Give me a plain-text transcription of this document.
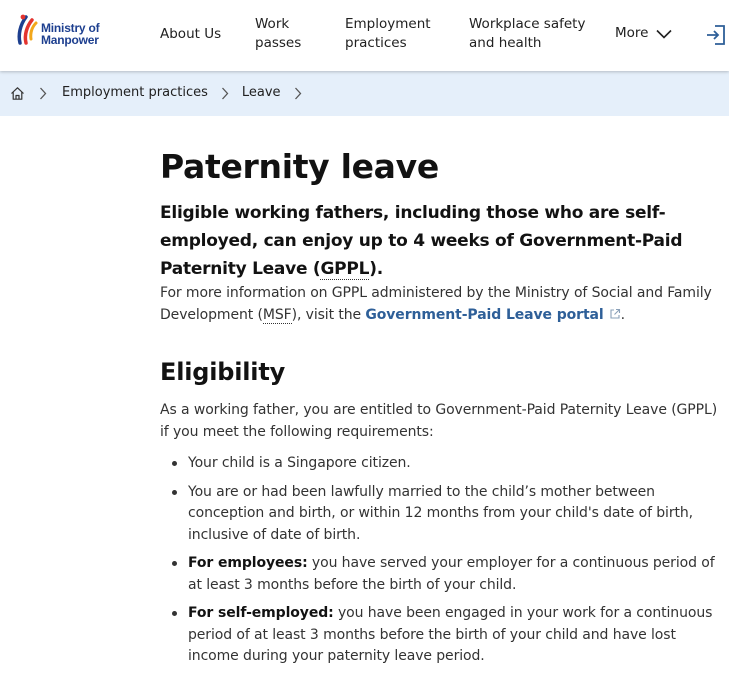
Ministry of
Manpower	About Us
Work passes
Employment practices
Workplace safety and health
More
Employment practices	Leave
Paternity leave

Eligible working fathers, including those who are self-employed, can enjoy up to 4 weeks of Government-Paid Paternity Leave (GPPL).

For more information on GPPL administered by the Ministry of Social and Family Development (MSF), visit the Government-Paid Leave portal .

Eligibility

As a working father, you are entitled to Government-Paid Paternity Leave (GPPL) if you meet the following requirements:

Your child is a Singapore citizen.
You are or had been lawfully married to the child’s mother between conception and birth, or within 12 months from your child's date of birth, inclusive of date of birth.
For employees: you have served your employer for a continuous period of at least 3 months before the birth of your child.
For self-employed: you have been engaged in your work for a continuous period of at least 3 months before the birth of your child and have lost income during your paternity leave period.
